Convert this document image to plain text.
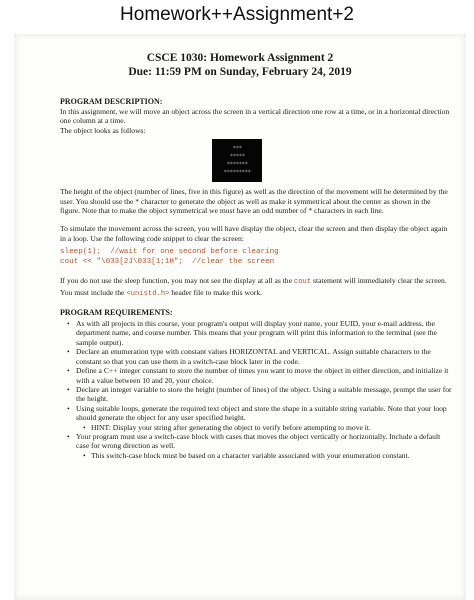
Homework++Assignment+2
CSCE 1030: Homework Assignment 2
Due: 11:59 PM on Sunday, February 24, 2019

PROGRAM DESCRIPTION:

In this assignment, we will move an object across the screen in a vertical direction one row at a time, or in a horizontal direction one column at a time.

The object looks as follows:

***
*****
*******
*********

The height of the object (number of lines, five in this figure) as well as the direction of the movement will be determined by the user. You should use the * character to generate the object as well as make it symmetrical about the center as shown in the figure. Note that to make the object symmetrical we must have an odd number of * characters in each line.

To simulate the movement across the screen, you will have display the object, clear the screen and then display the object again in a loop. Use the following code snippet to clear the screen:

sleep(1);  //wait for one second before clearing
cout << "\033[2J\033[1;1H";  //clear the screen

If you do not use the sleep function, you may not see the display at all as the cout statement will immediately clear the screen. You must include the <unistd.h> header file to make this work.

PROGRAM REQUIREMENTS:

• As with all projects in this course, your program's output will display your name, your EUID, your e-mail address, the department name, and course number. This means that your program will print this information to the terminal (see the sample output).
• Declare an enumeration type with constant values HORIZONTAL and VERTICAL. Assign suitable characters to the constant so that you can use them in a switch-case block later in the code.
• Define a C++ integer constant to store the number of times you want to move the object in either direction, and initialize it with a value between 10 and 20, your choice.
• Declare an integer variable to store the height (number of lines) of the object. Using a suitable message, prompt the user for the height.
• Using suitable loops, generate the required text object and store the shape in a suitable string variable. Note that your loop should generate the object for any user specified height.
• HINT: Display your string after generating the object to verify before attempting to move it.
• Your program must use a switch-case block with cases that moves the object vertically or horizontally. Include a default case for wrong direction as well.
• This switch-case block must be based on a character variable associated with your enumeration constant.
